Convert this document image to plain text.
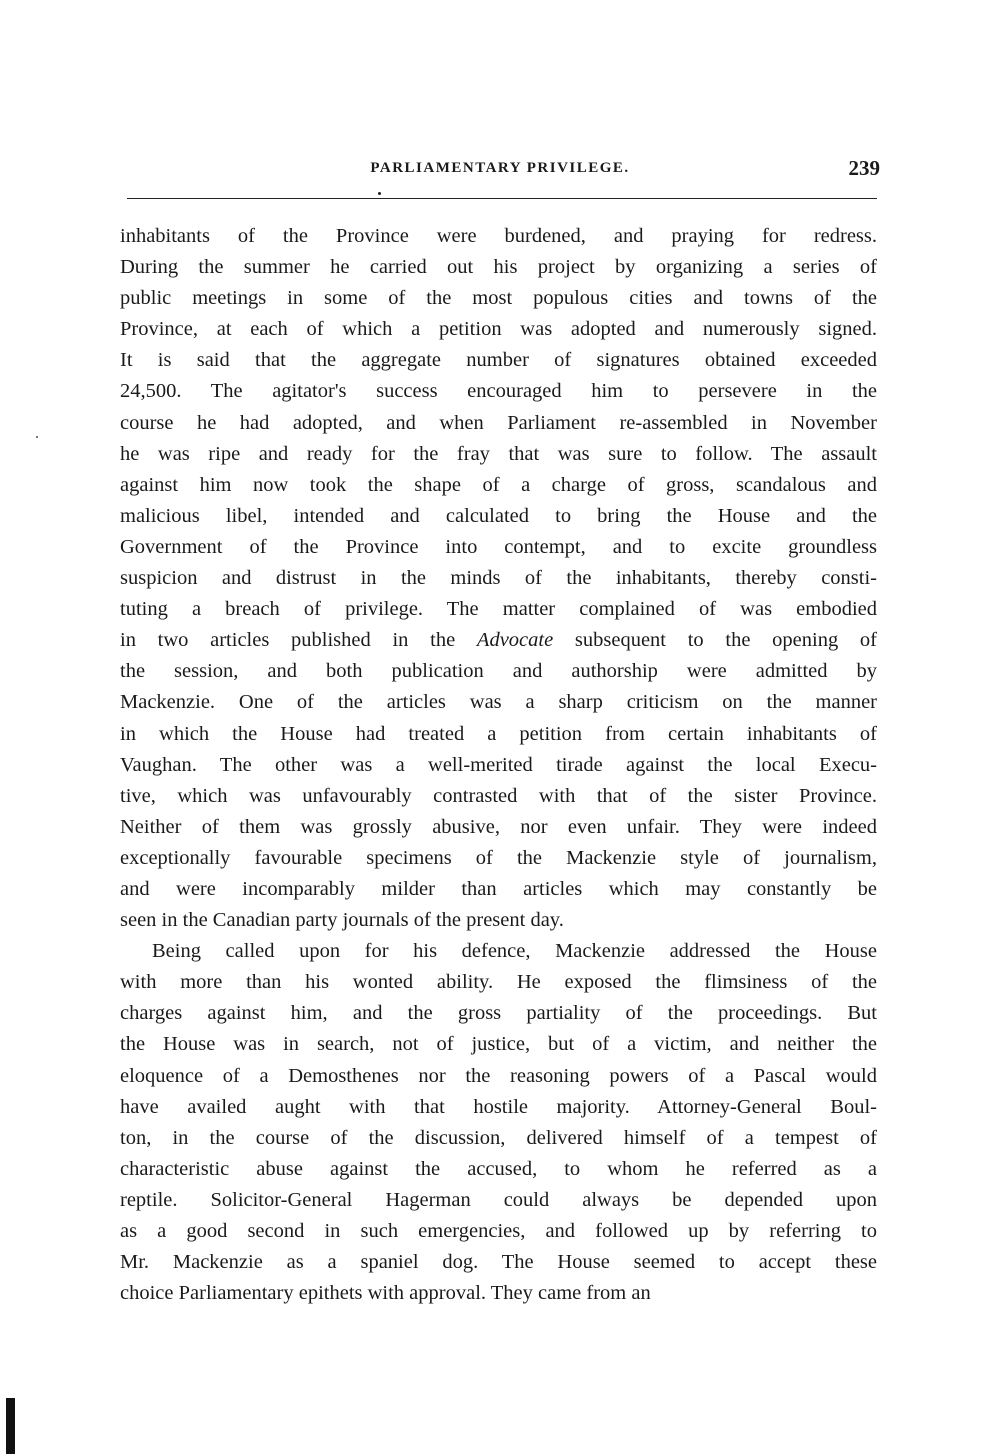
PARLIAMENTARY PRIVILEGE.	239
inhabitants of the Province were burdened, and praying for redress.
During the summer he carried out his project by organizing a series of
public meetings in some of the most populous cities and towns of the
Province, at each of which a petition was adopted and numerously signed.
It is said that the aggregate number of signatures obtained exceeded
24,500. The agitator's success encouraged him to persevere in the
course he had adopted, and when Parliament re-assembled in November
he was ripe and ready for the fray that was sure to follow. The assault
against him now took the shape of a charge of gross, scandalous and
malicious libel, intended and calculated to bring the House and the
Government of the Province into contempt, and to excite groundless
suspicion and distrust in the minds of the inhabitants, thereby consti-
tuting a breach of privilege. The matter complained of was embodied
in two articles published in the Advocate subsequent to the opening of
the session, and both publication and authorship were admitted by
Mackenzie. One of the articles was a sharp criticism on the manner
in which the House had treated a petition from certain inhabitants of
Vaughan. The other was a well-merited tirade against the local Execu-
tive, which was unfavourably contrasted with that of the sister Province.
Neither of them was grossly abusive, nor even unfair. They were indeed
exceptionally favourable specimens of the Mackenzie style of journalism,
and were incomparably milder than articles which may constantly be
seen in the Canadian party journals of the present day.
Being called upon for his defence, Mackenzie addressed the House
with more than his wonted ability. He exposed the flimsiness of the
charges against him, and the gross partiality of the proceedings. But
the House was in search, not of justice, but of a victim, and neither the
eloquence of a Demosthenes nor the reasoning powers of a Pascal would
have availed aught with that hostile majority. Attorney-General Boul-
ton, in the course of the discussion, delivered himself of a tempest of
characteristic abuse against the accused, to whom he referred as a
reptile. Solicitor-General Hagerman could always be depended upon
as a good second in such emergencies, and followed up by referring to
Mr. Mackenzie as a spaniel dog. The House seemed to accept these
choice Parliamentary epithets with approval. They came from an
